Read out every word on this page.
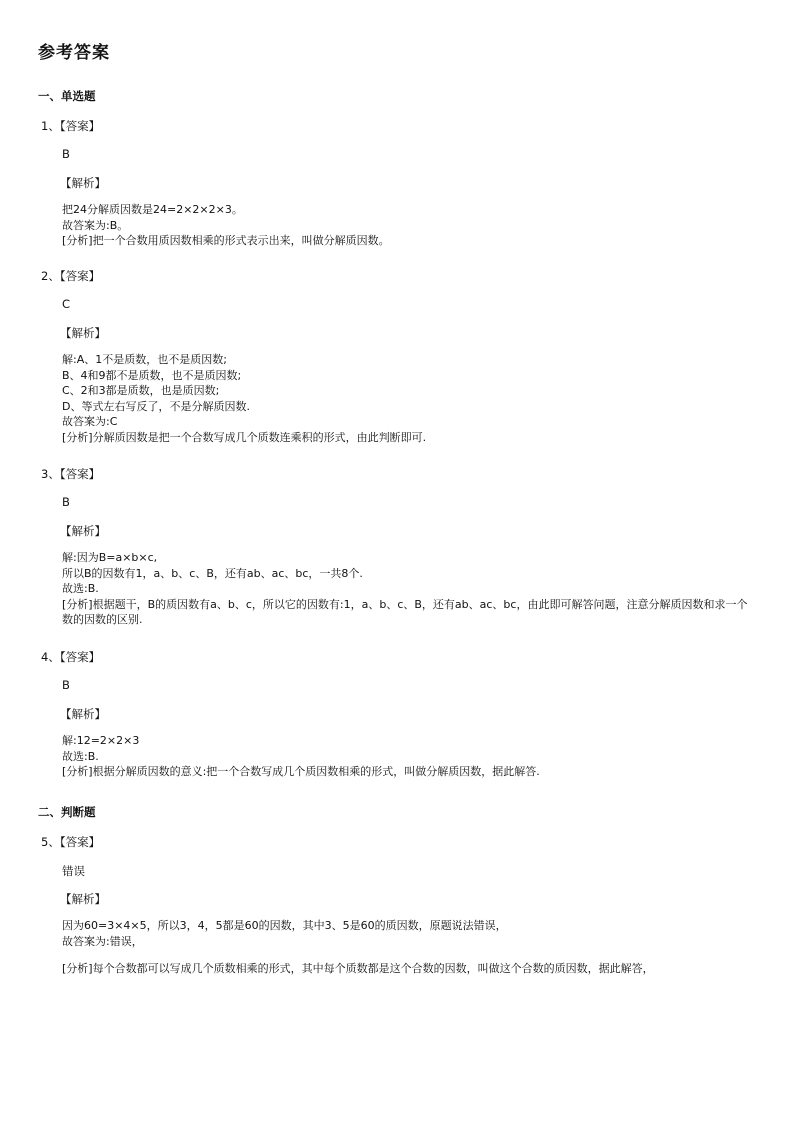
参考答案
一、单选题
1、【答案】
B
【解析】
把24分解质因数是24=2×2×2×3。
故答案为:B。
[分析]把一个合数用质因数相乘的形式表示出来，叫做分解质因数。
2、【答案】
C
【解析】
解:A、1不是质数，也不是质因数;
B、4和9都不是质数，也不是质因数;
C、2和3都是质数，也是质因数;
D、等式左右写反了，不是分解质因数.
故答案为:C
[分析]分解质因数是把一个合数写成几个质数连乘积的形式，由此判断即可.
3、【答案】
B
【解析】
解:因为B=a×b×c,
所以B的因数有1，a、b、c、B，还有ab、ac、bc，一共8个.
故选:B.
[分析]根据题干，B的质因数有a、b、c，所以它的因数有:1，a、b、c、B，还有ab、ac、bc，由此即可解答问题，注意分解质因数和求一个数的因数的区别.
4、【答案】
B
【解析】
解:12=2×2×3
故选:B.
[分析]根据分解质因数的意义:把一个合数写成几个质因数相乘的形式，叫做分解质因数，据此解答.
二、判断题
5、【答案】
错误
【解析】
因为60=3×4×5，所以3，4，5都是60的因数，其中3、5是60的质因数，原题说法错误，
故答案为:错误，
[分析]每个合数都可以写成几个质数相乘的形式，其中每个质数都是这个合数的因数，叫做这个合数的质因数，据此解答，
